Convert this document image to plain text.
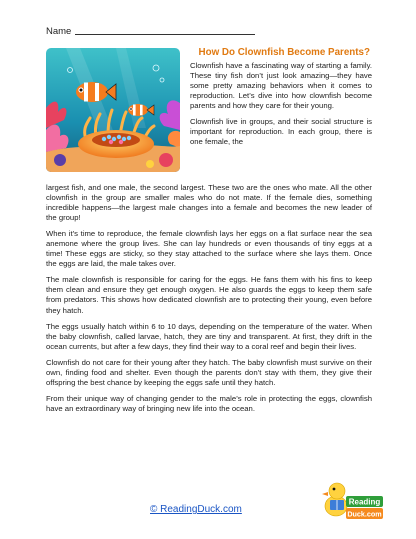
Name
How Do Clownfish Become Parents?

Clownfish have a fascinating way of starting a family. These tiny fish don’t just look amazing—they have some pretty amazing behaviors when it comes to reproduction. Let’s dive into how clownfish become parents and how they care for their young.

Clownfish live in groups, and their social structure is important for reproduction. In each group, there is one female, the

largest fish, and one male, the second largest. These two are the ones who mate. All the other clownfish in the group are smaller males who do not mate. If the female dies, something incredible happens—the largest male changes into a female and becomes the new leader of the group!

When it’s time to reproduce, the female clownfish lays her eggs on a flat surface near the sea anemone where the group lives. She can lay hundreds or even thousands of tiny eggs at a time! These eggs are sticky, so they stay attached to the surface where she lays them. Once the eggs are laid, the male takes over.

The male clownfish is responsible for caring for the eggs. He fans them with his fins to keep them clean and ensure they get enough oxygen. He also guards the eggs to keep them safe from predators. This shows how dedicated clownfish are to protecting their young, even before they hatch.

The eggs usually hatch within 6 to 10 days, depending on the temperature of the water. When the baby clownfish, called larvae, hatch, they are tiny and transparent. At first, they drift in the ocean currents, but after a few days, they find their way to a coral reef and begin their lives.

Clownfish do not care for their young after they hatch. The baby clownfish must survive on their own, finding food and shelter. Even though the parents don’t stay with them, they give their offspring the best chance by keeping the eggs safe until they hatch.

From their unique way of changing gender to the male’s role in protecting the eggs, clownfish have an extraordinary way of bringing new life into the ocean.

© ReadingDuck.com
Reading
Duck.com
